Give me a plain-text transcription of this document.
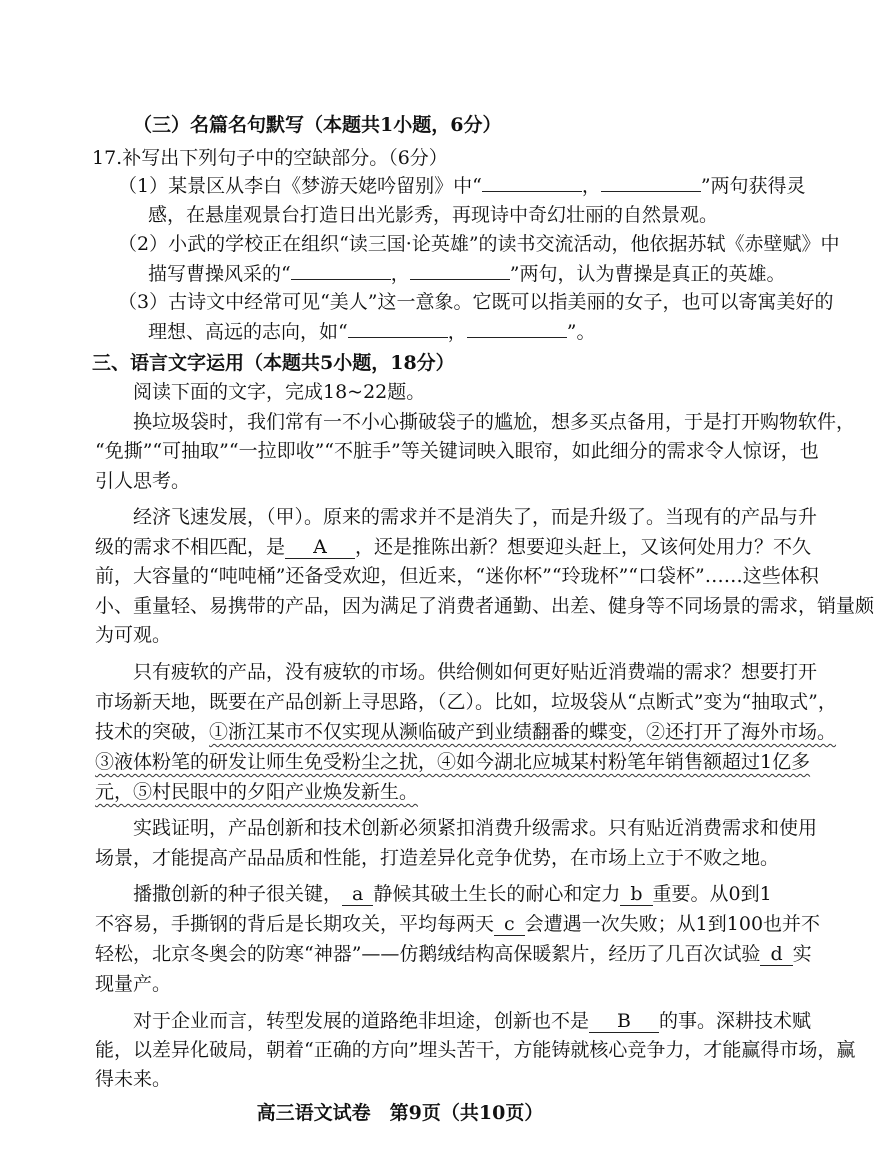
（三）名篇名句默写（本题共1小题，6分）
17.补写出下列句子中的空缺部分。（6分）
（1）某景区从李白《梦游天姥吟留别》中“	，	”两句获得灵
感，在悬崖观景台打造日出光影秀，再现诗中奇幻壮丽的自然景观。
（2）小武的学校正在组织“读三国·论英雄”的读书交流活动，他依据苏轼《赤壁赋》中
描写曹操风采的“	，	”两句，认为曹操是真正的英雄。
（3）古诗文中经常可见“美人”这一意象。它既可以指美丽的女子，也可以寄寓美好的
理想、高远的志向，如“	，	”。
三、语言文字运用（本题共5小题，18分）
阅读下面的文字，完成18~22题。
换垃圾袋时，我们常有一不小心撕破袋子的尴尬，想多买点备用，于是打开购物软件，
“免撕”“可抽取”“一拉即收”“不脏手”等关键词映入眼帘，如此细分的需求令人惊讶，也
引人思考。
经济飞速发展，（甲）。原来的需求并不是消失了，而是升级了。当现有的产品与升
级的需求不相匹配，是 A ，还是推陈出新？想要迎头赶上，又该何处用力？不久
前，大容量的“吨吨桶”还备受欢迎，但近来，“迷你杯”“玲珑杯”“口袋杯”……这些体积
小、重量轻、易携带的产品，因为满足了消费者通勤、出差、健身等不同场景的需求，销量颇
为可观。
只有疲软的产品，没有疲软的市场。供给侧如何更好贴近消费端的需求？想要打开
市场新天地，既要在产品创新上寻思路，（乙）。比如，垃圾袋从“点断式”变为“抽取式”，
技术的突破，①浙江某市不仅实现从濒临破产到业绩翻番的蝶变，②还打开了海外市场。
③液体粉笔的研发让师生免受粉尘之扰，④如今湖北应城某村粉笔年销售额超过1亿多
元，⑤村民眼中的夕阳产业焕发新生。
实践证明，产品创新和技术创新必须紧扣消费升级需求。只有贴近消费需求和使用
场景，才能提高产品品质和性能，打造差异化竞争优势，在市场上立于不败之地。
播撒创新的种子很关键， a 静候其破土生长的耐心和定力 b 重要。从0到1
不容易，手撕钢的背后是长期攻关，平均每两天 c 会遭遇一次失败；从1到100也并不
轻松，北京冬奥会的防寒“神器”——仿鹅绒结构高保暖絮片，经历了几百次试验 d 实
现量产。
对于企业而言，转型发展的道路绝非坦途，创新也不是 B 的事。深耕技术赋
能，以差异化破局，朝着“正确的方向”埋头苦干，方能铸就核心竞争力，才能赢得市场，赢
得未来。
高三语文试卷　第9页（共10页）
